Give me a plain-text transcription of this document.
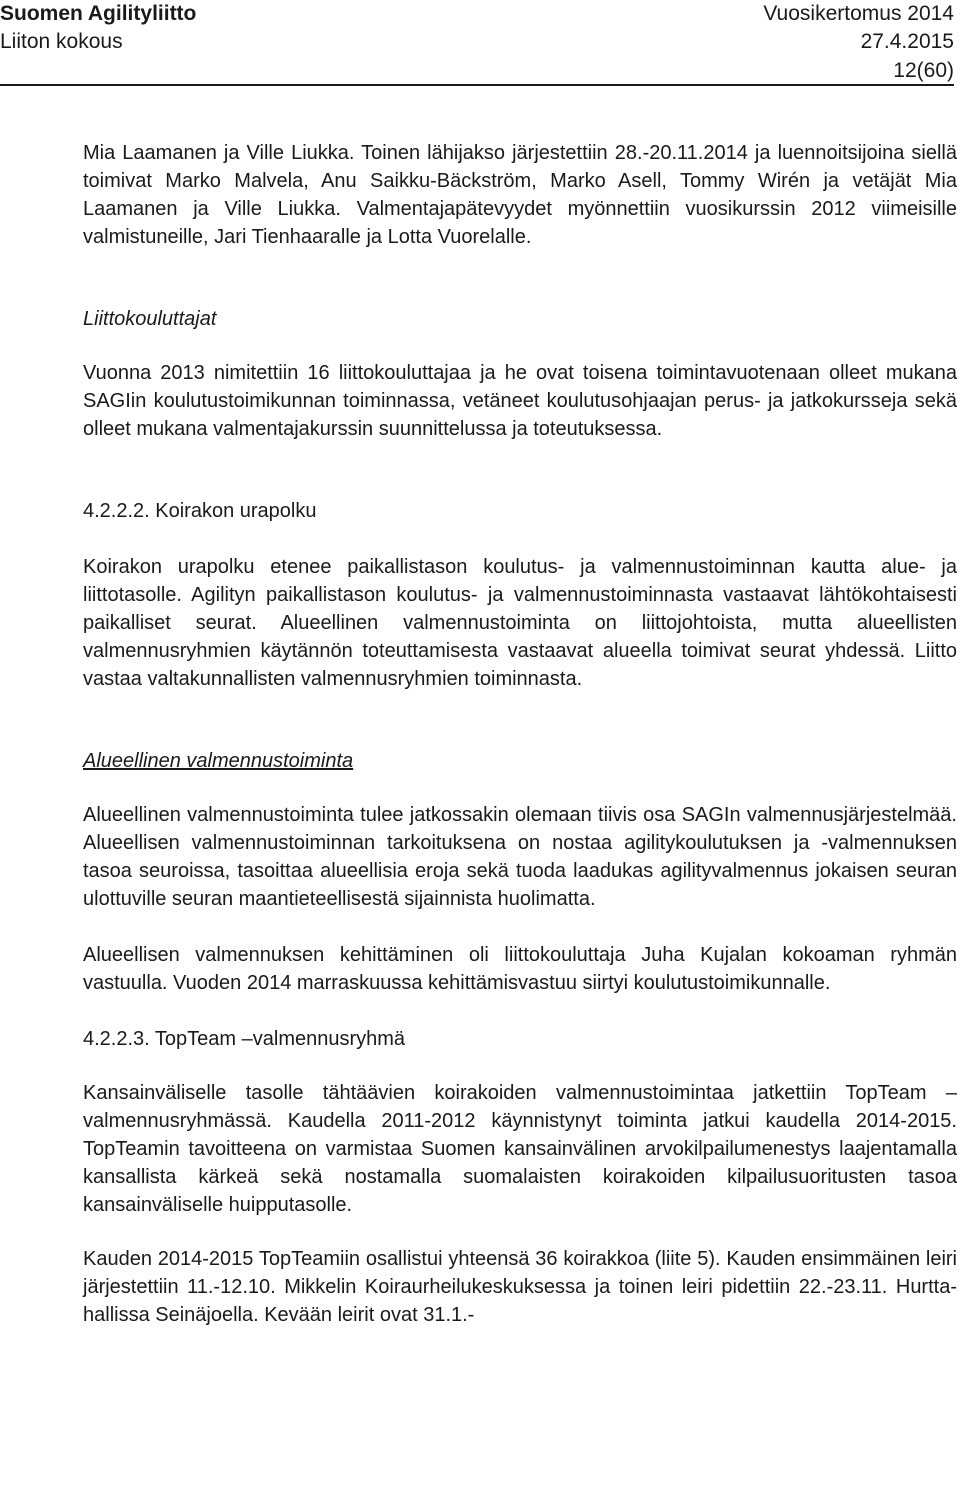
Suomen Agilityliitto	Vuosikertomus 2014
Liiton kokous	27.4.2015
12(60)

Mia Laamanen ja Ville Liukka. Toinen lähijakso järjestettiin 28.-20.11.2014 ja luennoitsijoina siellä toimivat Marko Malvela, Anu Saikku-Bäckström, Marko Asell, Tommy Wirén ja vetäjät Mia Laamanen ja Ville Liukka. Valmentajapätevyydet myönnettiin vuosikurssin 2012 viimeisille valmistuneille, Jari Tienhaaralle ja Lotta Vuorelalle.

Liittokouluttajat

Vuonna 2013 nimitettiin 16 liittokouluttajaa ja he ovat toisena toimintavuotenaan olleet mukana SAGIin koulutustoimikunnan toiminnassa, vetäneet koulutusohjaajan perus- ja jatkokursseja sekä olleet mukana valmentajakurssin suunnittelussa ja toteutuksessa.

4.2.2.2. Koirakon urapolku

Koirakon urapolku etenee paikallistason koulutus- ja valmennustoiminnan kautta alue- ja liittotasolle. Agilityn paikallistason koulutus- ja valmennustoiminnasta vastaavat lähtökohtaisesti paikalliset seurat. Alueellinen valmennustoiminta on liittojohtoista, mutta alueellisten valmennusryhmien käytännön toteuttamisesta vastaavat alueella toimivat seurat yhdessä. Liitto vastaa valtakunnallisten valmennusryhmien toiminnasta.

Alueellinen valmennustoiminta

Alueellinen valmennustoiminta tulee jatkossakin olemaan tiivis osa SAGIn valmennusjärjestelmää. Alueellisen valmennustoiminnan tarkoituksena on nostaa agilitykoulutuksen ja -valmennuksen tasoa seuroissa, tasoittaa alueellisia eroja sekä tuoda laadukas agilityvalmennus jokaisen seuran ulottuville seuran maantieteellisestä sijainnista huolimatta.

Alueellisen valmennuksen kehittäminen oli liittokouluttaja Juha Kujalan kokoaman ryhmän vastuulla. Vuoden 2014 marraskuussa kehittämisvastuu siirtyi koulutustoimikunnalle.

4.2.2.3. TopTeam –valmennusryhmä

Kansainväliselle tasolle tähtäävien koirakoiden valmennustoimintaa jatkettiin TopTeam –valmennusryhmässä. Kaudella 2011-2012 käynnistynyt toiminta jatkui kaudella 2014-2015. TopTeamin tavoitteena on varmistaa Suomen kansainvälinen arvokilpailumenestys laajentamalla kansallista kärkeä sekä nostamalla suomalaisten koirakoiden kilpailusuoritusten tasoa kansainväliselle huipputasolle.

Kauden 2014-2015 TopTeamiin osallistui yhteensä 36 koirakkoa (liite 5). Kauden ensimmäinen leiri järjestettiin 11.-12.10. Mikkelin Koiraurheilukeskuksessa ja toinen leiri pidettiin 22.-23.11. Hurtta-hallissa Seinäjoella. Kevään leirit ovat 31.1.-
